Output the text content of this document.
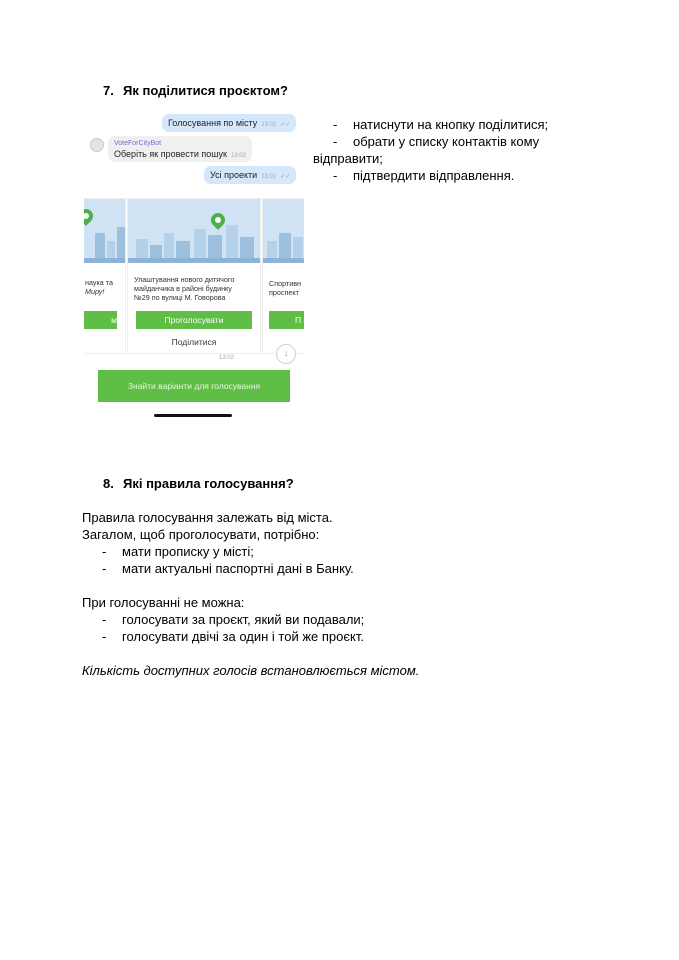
7. Як поділитися проєктом?
Голосування по місту 13:02 ✓✓
VoteForCityBot
Оберіть як провести пошук 13:02
Усі проекти 13:02 ✓✓
наука та
Миру!
м
Улаштування нового дитячого
майданчика в районі будинку
№29 по вулиці М. Говорова
Проголосувати
Поділитися
Спортивн
проспект
П
13:02	↓
Знайти варіанти для голосування
- натиснути на кнопку поділитися;
- обрати у списку контактів кому
відправити;
- підтвердити відправлення.
8. Які правила голосування?
Правила голосування залежать від міста.
Загалом, щоб проголосувати, потрібно:
- мати прописку у місті;
- мати актуальні паспортні дані в Банку.
При голосуванні не можна:
- голосувати за проєкт, який ви подавали;
- голосувати двічі за один і той же проєкт.
Кількість доступних голосів встановлюється містом.
